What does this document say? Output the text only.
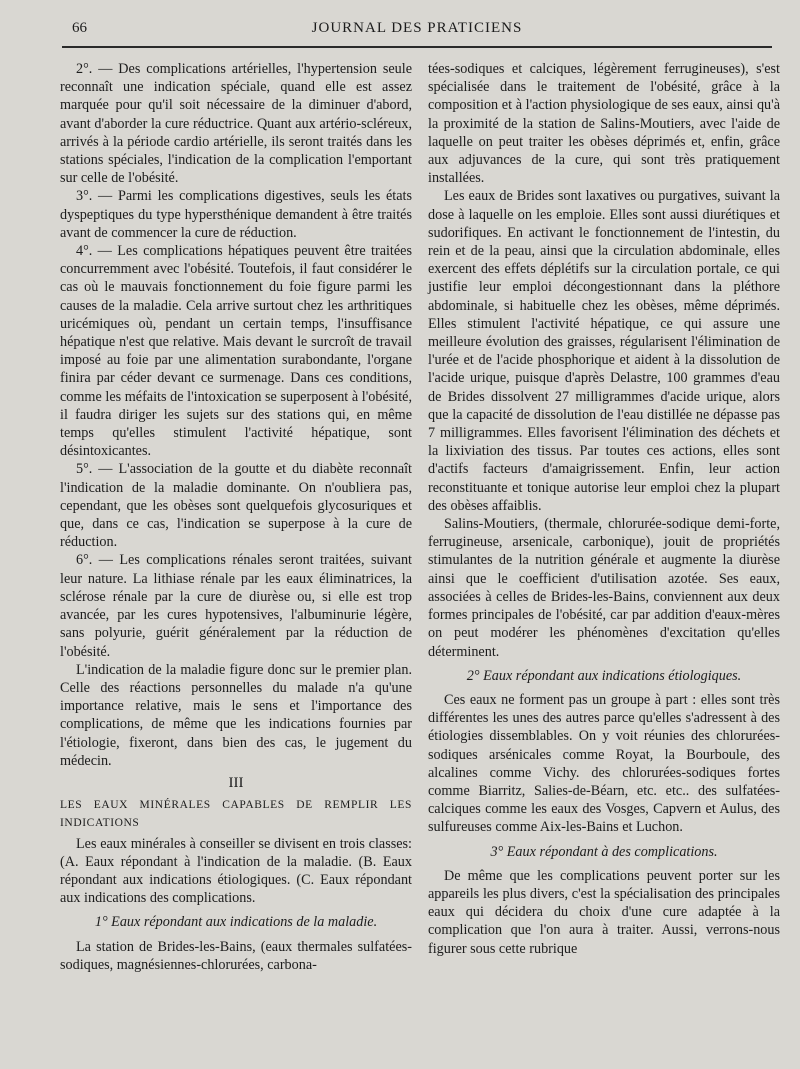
66	JOURNAL DES PRATICIENS

2°. — Des complications artérielles, l'hypertension seule reconnaît une indication spéciale, quand elle est assez marquée pour qu'il soit nécessaire de la diminuer d'abord, avant d'aborder la cure réductrice. Quant aux artério-scléreux, arrivés à la période cardio artérielle, ils seront traités dans les stations spéciales, l'indication de la complication l'emportant sur celle de l'obésité.

3°. — Parmi les complications digestives, seuls les états dyspeptiques du type hypersthénique demandent à être traités avant de commencer la cure de réduction.

4°. — Les complications hépatiques peuvent être traitées concurremment avec l'obésité. Toutefois, il faut considérer le cas où le mauvais fonctionnement du foie figure parmi les causes de la maladie. Cela arrive surtout chez les arthritiques uricémiques où, pendant un certain temps, l'insuffisance hépatique n'est que relative. Mais devant le surcroît de travail imposé au foie par une alimentation surabondante, l'organe finira par céder devant ce surmenage. Dans ces conditions, comme les méfaits de l'intoxication se superposent à l'obésité, il faudra diriger les sujets sur des stations qui, en même temps qu'elles stimulent l'activité hépatique, sont désintoxicantes.

5°. — L'association de la goutte et du diabète reconnaît l'indication de la maladie dominante. On n'oubliera pas, cependant, que les obèses sont quelquefois glycosuriques et que, dans ce cas, l'indication se superpose à la cure de réduction.

6°. — Les complications rénales seront traitées, suivant leur nature. La lithiase rénale par les eaux éliminatrices, la sclérose rénale par la cure de diurèse ou, si elle est trop avancée, par les cures hypotensives, l'albuminurie légère, sans polyurie, guérit généralement par la réduction de l'obésité.

L'indication de la maladie figure donc sur le premier plan. Celle des réactions personnelles du malade n'a qu'une importance relative, mais le sens et l'importance des complications, de même que les indications fournies par l'étiologie, fixeront, dans bien des cas, le jugement du médecin.

III

LES EAUX MINÉRALES CAPABLES DE REMPLIR LES INDICATIONS

Les eaux minérales à conseiller se divisent en trois classes: (A. Eaux répondant à l'indication de la maladie. (B. Eaux répondant aux indications étiologiques. (C. Eaux répondant aux indications des complications.

1° Eaux répondant aux indications de la maladie.

La station de Brides-les-Bains, (eaux thermales sulfatées-sodiques, magnésiennes-chlorurées, carbona-

tées-sodiques et calciques, légèrement ferrugineuses), s'est spécialisée dans le traitement de l'obésité, grâce à la composition et à l'action physiologique de ses eaux, ainsi qu'à la proximité de la station de Salins-Moutiers, avec l'aide de laquelle on peut traiter les obèses déprimés et, enfin, grâce aux adjuvances de la cure, qui sont très pratiquement installées.

Les eaux de Brides sont laxatives ou purgatives, suivant la dose à laquelle on les emploie. Elles sont aussi diurétiques et sudorifiques. En activant le fonctionnement de l'intestin, du rein et de la peau, ainsi que la circulation abdominale, elles exercent des effets déplétifs sur la circulation portale, ce qui justifie leur emploi décongestionnant dans la pléthore abdominale, si habituelle chez les obèses, même déprimés. Elles stimulent l'activité hépatique, ce qui assure une meilleure évolution des graisses, régularisent l'élimination de l'urée et de l'acide phosphorique et aident à la dissolution de l'acide urique, puisque d'après Delastre, 100 grammes d'eau de Brides dissolvent 27 milligrammes d'acide urique, alors que la capacité de dissolution de l'eau distillée ne dépasse pas 7 milligrammes. Elles favorisent l'élimination des déchets et la lixiviation des tissus. Par toutes ces actions, elles sont d'actifs facteurs d'amaigrissement. Enfin, leur action reconstituante et tonique autorise leur emploi chez la plupart des obèses affaiblis.

Salins-Moutiers, (thermale, chlorurée-sodique demi-forte, ferrugineuse, arsenicale, carbonique), jouit de propriétés stimulantes de la nutrition générale et augmente la diurèse ainsi que le coefficient d'utilisation azotée. Ses eaux, associées à celles de Brides-les-Bains, conviennent aux deux formes principales de l'obésité, car par addition d'eaux-mères on peut modérer les phénomènes d'excitation qu'elles déterminent.

2° Eaux répondant aux indications étiologiques.

Ces eaux ne forment pas un groupe à part : elles sont très différentes les unes des autres parce qu'elles s'adressent à des étiologies dissemblables. On y voit réunies des chlorurées-sodiques arsénicales comme Royat, la Bourboule, des alcalines comme Vichy. des chlorurées-sodiques fortes comme Biarritz, Salies-de-Béarn, etc. etc.. des sulfatées-calciques comme les eaux des Vosges, Capvern et Aulus, des sulfureuses comme Aix-les-Bains et Luchon.

3° Eaux répondant à des complications.

De même que les complications peuvent porter sur les appareils les plus divers, c'est la spécialisation des principales eaux qui décidera du choix d'une cure adaptée à la complication que l'on aura à traiter. Aussi, verrons-nous figurer sous cette rubrique
